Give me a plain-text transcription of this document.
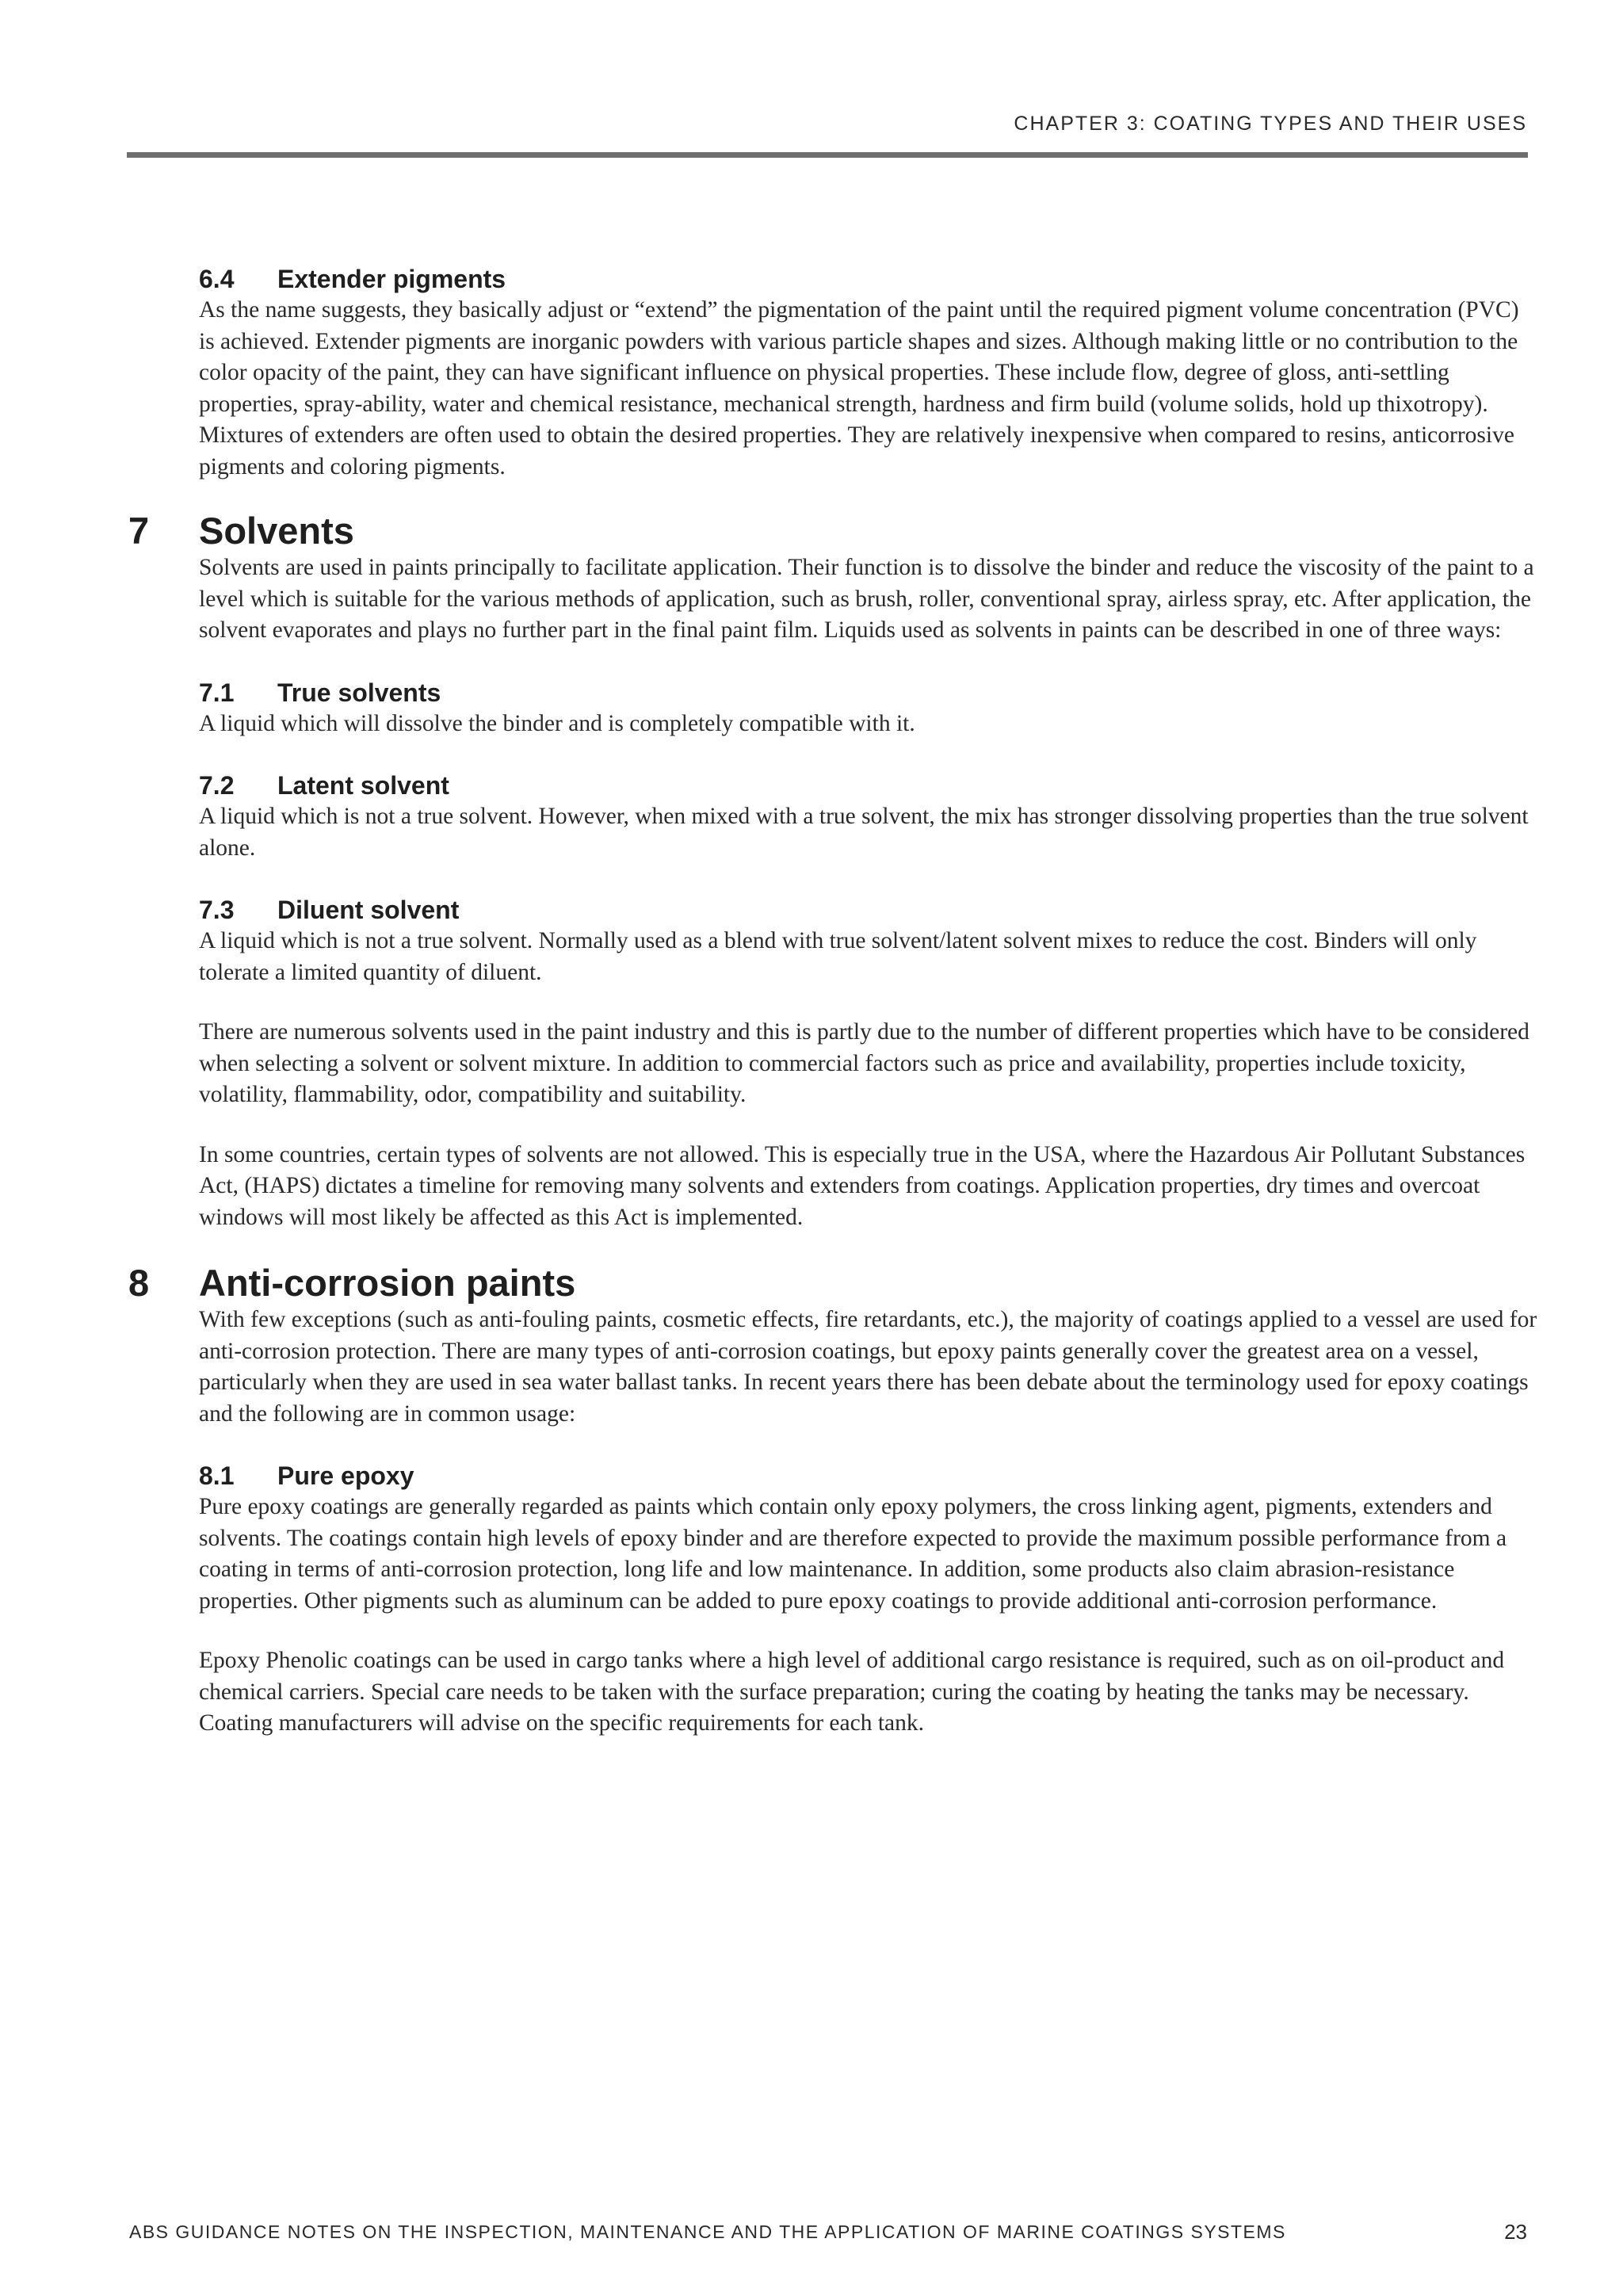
CHAPTER 3: COATING TYPES AND THEIR USES
6.4 Extender pigments

As the name suggests, they basically adjust or “extend” the pigmentation of the paint until the required pigment volume concentration (PVC) is achieved. Extender pigments are inorganic powders with various particle shapes and sizes. Although making little or no contribution to the color opacity of the paint, they can have significant influence on physical properties. These include flow, degree of gloss, anti-settling properties, spray-ability, water and chemical resistance, mechanical strength, hardness and firm build (volume solids, hold up thixotropy). Mixtures of extenders are often used to obtain the desired properties. They are relatively inexpensive when compared to resins, anticorrosive pigments and coloring pigments.

7 Solvents

Solvents are used in paints principally to facilitate application. Their function is to dissolve the binder and reduce the viscosity of the paint to a level which is suitable for the various methods of application, such as brush, roller, conventional spray, airless spray, etc. After application, the solvent evaporates and plays no further part in the final paint film. Liquids used as solvents in paints can be described in one of three ways:

7.1 True solvents

A liquid which will dissolve the binder and is completely compatible with it.

7.2 Latent solvent

A liquid which is not a true solvent. However, when mixed with a true solvent, the mix has stronger dissolving properties than the true solvent alone.

7.3 Diluent solvent

A liquid which is not a true solvent. Normally used as a blend with true solvent/latent solvent mixes to reduce the cost. Binders will only tolerate a limited quantity of diluent.

There are numerous solvents used in the paint industry and this is partly due to the number of different properties which have to be considered when selecting a solvent or solvent mixture. In addition to commercial factors such as price and availability, properties include toxicity, volatility, flammability, odor, compatibility and suitability.

In some countries, certain types of solvents are not allowed. This is especially true in the USA, where the Hazardous Air Pollutant Substances Act, (HAPS) dictates a timeline for removing many solvents and extenders from coatings. Application properties, dry times and overcoat windows will most likely be affected as this Act is implemented.

8 Anti-corrosion paints

With few exceptions (such as anti-fouling paints, cosmetic effects, fire retardants, etc.), the majority of coatings applied to a vessel are used for anti-corrosion protection. There are many types of anti-corrosion coatings, but epoxy paints generally cover the greatest area on a vessel, particularly when they are used in sea water ballast tanks. In recent years there has been debate about the terminology used for epoxy coatings and the following are in common usage:

8.1 Pure epoxy

Pure epoxy coatings are generally regarded as paints which contain only epoxy polymers, the cross linking agent, pigments, extenders and solvents. The coatings contain high levels of epoxy binder and are therefore expected to provide the maximum possible performance from a coating in terms of anti-corrosion protection, long life and low maintenance. In addition, some products also claim abrasion-resistance properties. Other pigments such as aluminum can be added to pure epoxy coatings to provide additional anti-corrosion performance.

Epoxy Phenolic coatings can be used in cargo tanks where a high level of additional cargo resistance is required, such as on oil-product and chemical carriers. Special care needs to be taken with the surface preparation; curing the coating by heating the tanks may be necessary. Coating manufacturers will advise on the specific requirements for each tank.

ABS GUIDANCE NOTES ON THE INSPECTION, MAINTENANCE AND THE APPLICATION OF MARINE COATINGS SYSTEMS	23
